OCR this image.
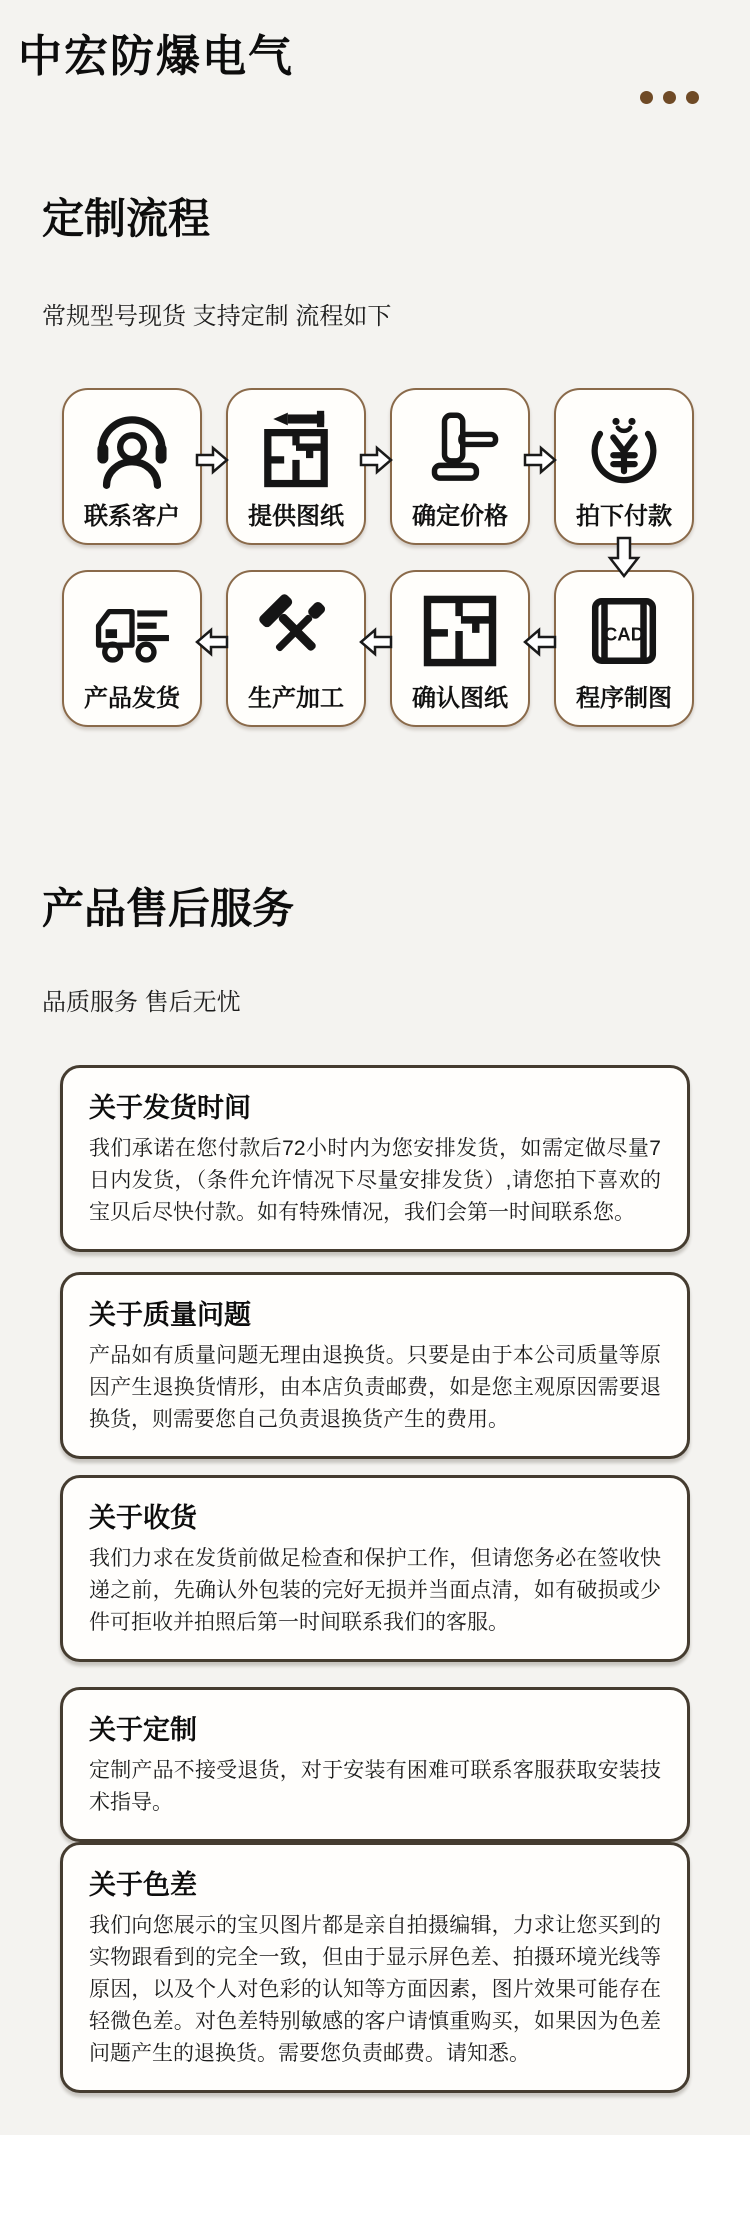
中宏防爆电气
定制流程
常规型号现货 支持定制 流程如下
联系客户	提供图纸	确定价格	拍下付款
产品发货	生产加工	确认图纸
CAD
程序制图
产品售后服务
品质服务 售后无忧
关于发货时间

我们承诺在您付款后72小时内为您安排发货，如需定做尽量7日内发货，（条件允许情况下尽量安排发货）,请您拍下喜欢的宝贝后尽快付款。如有特殊情况，我们会第一时间联系您。

关于质量问题

产品如有质量问题无理由退换货。只要是由于本公司质量等原因产生退换货情形，由本店负责邮费，如是您主观原因需要退换货，则需要您自己负责退换货产生的费用。

关于收货

我们力求在发货前做足检查和保护工作，但请您务必在签收快递之前，先确认外包装的完好无损并当面点清，如有破损或少件可拒收并拍照后第一时间联系我们的客服。

关于定制

定制产品不接受退货，对于安装有困难可联系客服获取安装技术指导。

关于色差

我们向您展示的宝贝图片都是亲自拍摄编辑，力求让您买到的实物跟看到的完全一致，但由于显示屏色差、拍摄环境光线等原因，以及个人对色彩的认知等方面因素，图片效果可能存在轻微色差。对色差特别敏感的客户请慎重购买，如果因为色差问题产生的退换货。需要您负责邮费。请知悉。
